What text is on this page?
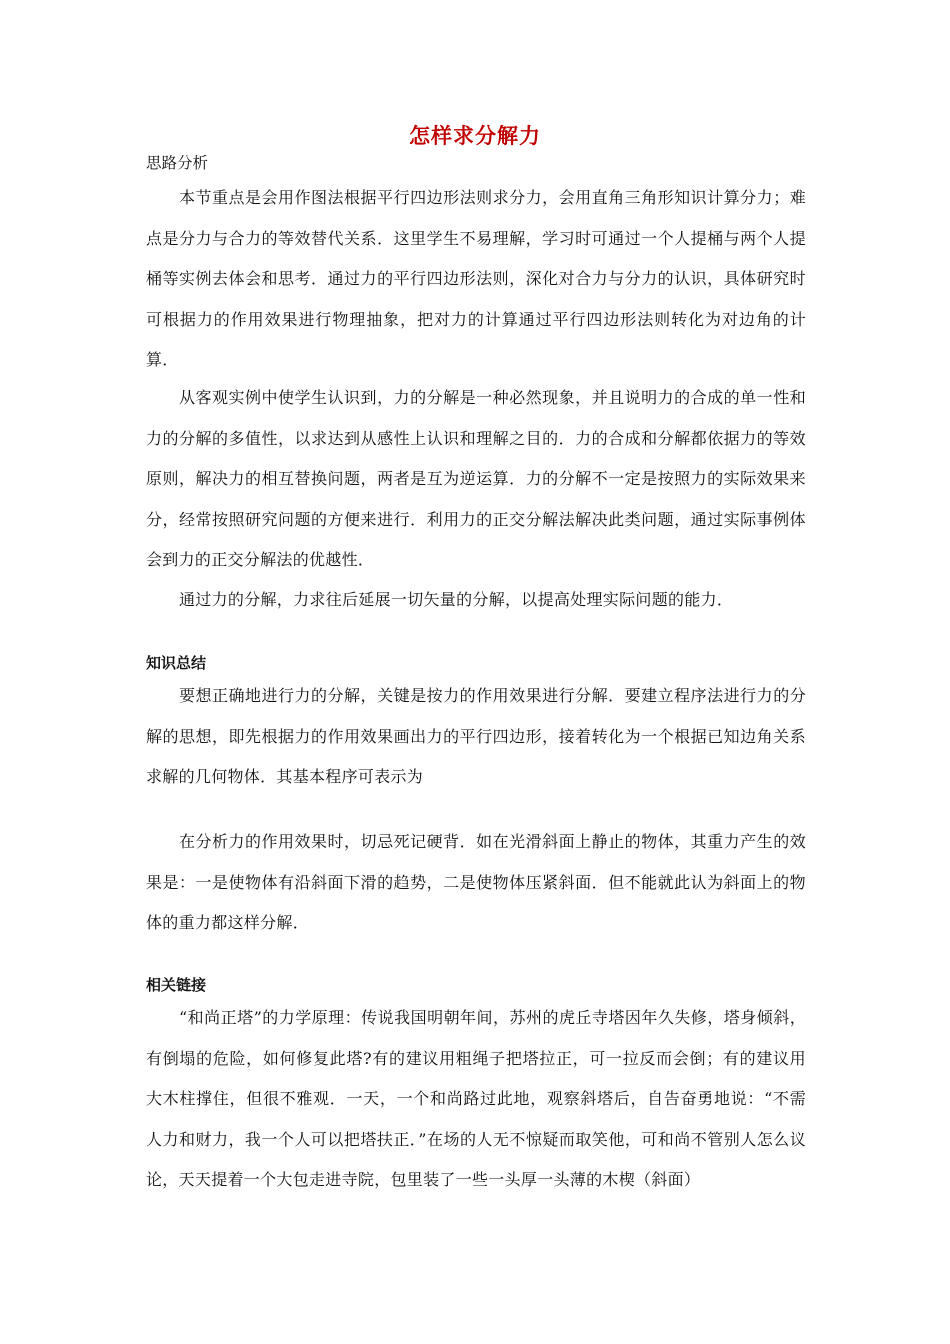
怎样求分解力
思路分析

本节重点是会用作图法根据平行四边形法则求分力，会用直角三角形知识计算分力；难点是分力与合力的等效替代关系．这里学生不易理解，学习时可通过一个人提桶与两个人提桶等实例去体会和思考．通过力的平行四边形法则，深化对合力与分力的认识，具体研究时可根据力的作用效果进行物理抽象，把对力的计算通过平行四边形法则转化为对边角的计算．

从客观实例中使学生认识到，力的分解是一种必然现象，并且说明力的合成的单一性和力的分解的多值性，以求达到从感性上认识和理解之目的．力的合成和分解都依据力的等效原则，解决力的相互替换问题，两者是互为逆运算．力的分解不一定是按照力的实际效果来分，经常按照研究问题的方便来进行．利用力的正交分解法解决此类问题，通过实际事例体会到力的正交分解法的优越性．

通过力的分解，力求往后延展一切矢量的分解，以提高处理实际问题的能力．

知识总结

要想正确地进行力的分解，关键是按力的作用效果进行分解．要建立程序法进行力的分解的思想，即先根据力的作用效果画出力的平行四边形，接着转化为一个根据已知边角关系求解的几何物体．其基本程序可表示为

在分析力的作用效果时，切忌死记硬背．如在光滑斜面上静止的物体，其重力产生的效果是：一是使物体有沿斜面下滑的趋势，二是使物体压紧斜面．但不能就此认为斜面上的物体的重力都这样分解．

相关链接

“和尚正塔”的力学原理：传说我国明朝年间，苏州的虎丘寺塔因年久失修，塔身倾斜，有倒塌的危险，如何修复此塔?有的建议用粗绳子把塔拉正，可一拉反而会倒；有的建议用大木柱撑住，但很不雅观．一天，一个和尚路过此地，观察斜塔后，自告奋勇地说：“不需人力和财力，我一个人可以把塔扶正．”在场的人无不惊疑而取笑他，可和尚不管别人怎么议论，天天提着一个大包走进寺院，包里装了一些一头厚一头薄的木楔（斜面）
